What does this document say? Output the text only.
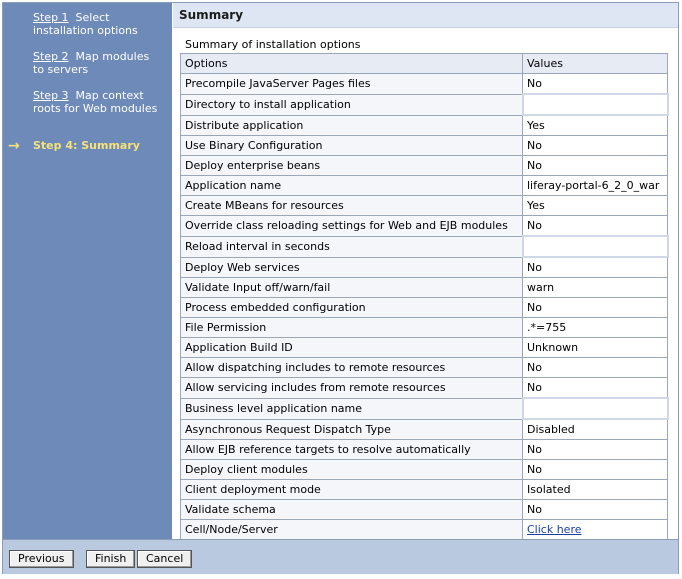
Step 1 Select installation options
Step 2 Map modules to servers
Step 3 Map context roots for Web modules
→ Step 4: Summary
Summary
Summary of installation options
Options	Values
Precompile JavaServer Pages files	No
Directory to install application	
Distribute application	Yes
Use Binary Configuration	No
Deploy enterprise beans	No
Application name	liferay-portal-6_2_0_war
Create MBeans for resources	Yes
Override class reloading settings for Web and EJB modules	No
Reload interval in seconds	
Deploy Web services	No
Validate Input off/warn/fail	warn
Process embedded configuration	No
File Permission	.*=755
Application Build ID	Unknown
Allow dispatching includes to remote resources	No
Allow servicing includes from remote resources	No
Business level application name	
Asynchronous Request Dispatch Type	Disabled
Allow EJB reference targets to resolve automatically	No
Deploy client modules	No
Client deployment mode	Isolated
Validate schema	No
Cell/Node/Server	Click here
Previous	Finish	Cancel
